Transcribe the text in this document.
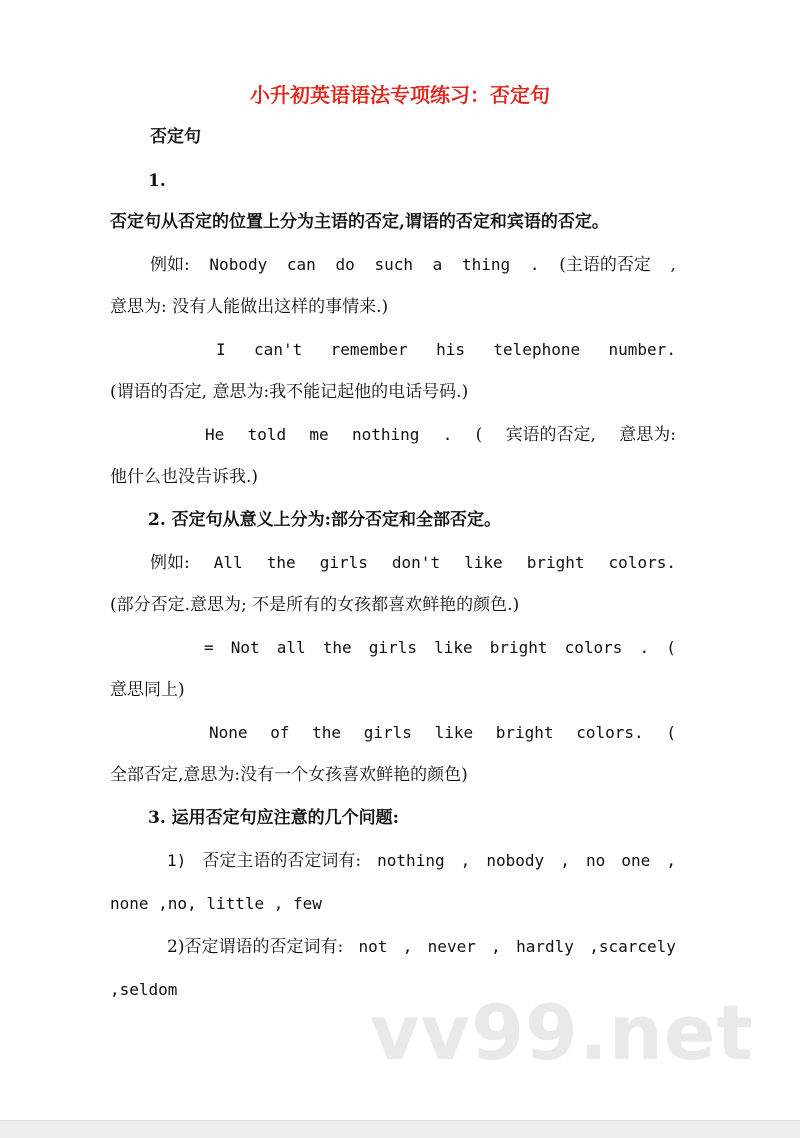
小升初英语语法专项练习：否定句
否定句
1.
否定句从否定的位置上分为主语的否定,谓语的否定和宾语的否定。
例如: Nobody can do such a thing . (主语的否定 ,
意思为: 没有人能做出这样的事情来.)
I can't remember his telephone number.
(谓语的否定, 意思为:我不能记起他的电话号码.)
He told me nothing . ( 宾语的否定, 意思为:
他什么也没告诉我.)
2. 否定句从意义上分为:部分否定和全部否定。
例如: All the girls don't like bright colors.
(部分否定.意思为; 不是所有的女孩都喜欢鲜艳的颜色.)
= Not all the girls like bright colors . (
意思同上)
None of the girls like bright colors. (
全部否定,意思为:没有一个女孩喜欢鲜艳的颜色)
3. 运用否定句应注意的几个问题:
1) 否定主语的否定词有: nothing , nobody , no one ,
none ,no, little , few
2)否定谓语的否定词有: not , never , hardly ,scarcely
,seldom	vv99.net
